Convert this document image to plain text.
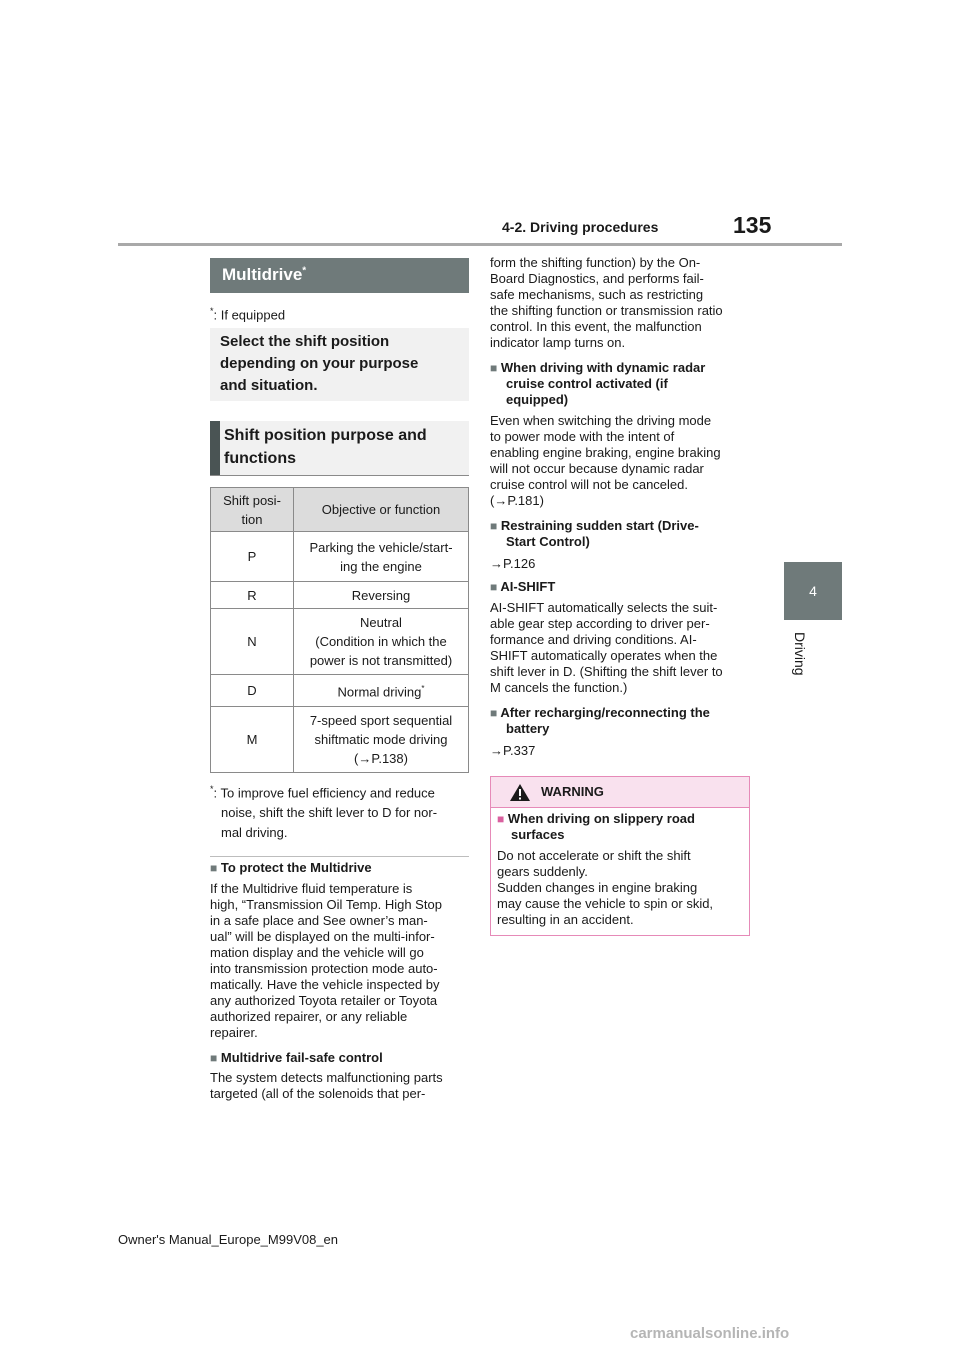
4-2. Driving procedures	135
4
Driving
Multidrive*
*: If equipped
Select the shift position
depending on your purpose
and situation.
Shift position purpose and
functions
Shift posi-
tion	Objective or function

P	Parking the vehicle/start-
ing the engine

R	Reversing

N	Neutral
(Condition in which the
power is not transmitted)

D	Normal driving*
M	7-speed sport sequential
shiftmatic mode driving
(→P.138)
*: To improve fuel efficiency and reduce
noise, shift the shift lever to D for nor-
mal driving.
■ To protect the Multidrive
If the Multidrive fluid temperature is
high, “Transmission Oil Temp. High Stop
in a safe place and See owner’s man-
ual” will be displayed on the multi-infor-
mation display and the vehicle will go
into transmission protection mode auto-
matically. Have the vehicle inspected by
any authorized Toyota retailer or Toyota
authorized repairer, or any reliable
repairer.
■ Multidrive fail-safe control
The system detects malfunctioning parts
targeted (all of the solenoids that per-
form the shifting function) by the On-
Board Diagnostics, and performs fail-
safe mechanisms, such as restricting
the shifting function or transmission ratio
control. In this event, the malfunction
indicator lamp turns on.
■ When driving with dynamic radar
cruise control activated (if
equipped)
Even when switching the driving mode
to power mode with the intent of
enabling engine braking, engine braking
will not occur because dynamic radar
cruise control will not be canceled.
(→P.181)
■ Restraining sudden start (Drive-
Start Control)
→P.126
■ AI-SHIFT
AI-SHIFT automatically selects the suit-
able gear step according to driver per-
formance and driving conditions. AI-
SHIFT automatically operates when the
shift lever in D. (Shifting the shift lever to
M cancels the function.)
■ After recharging/reconnecting the
battery
→P.337
WARNING
■ When driving on slippery road
surfaces
Do not accelerate or shift the shift
gears suddenly.
Sudden changes in engine braking
may cause the vehicle to spin or skid,
resulting in an accident.
Owner's Manual_Europe_M99V08_en
carmanualsonline.info
